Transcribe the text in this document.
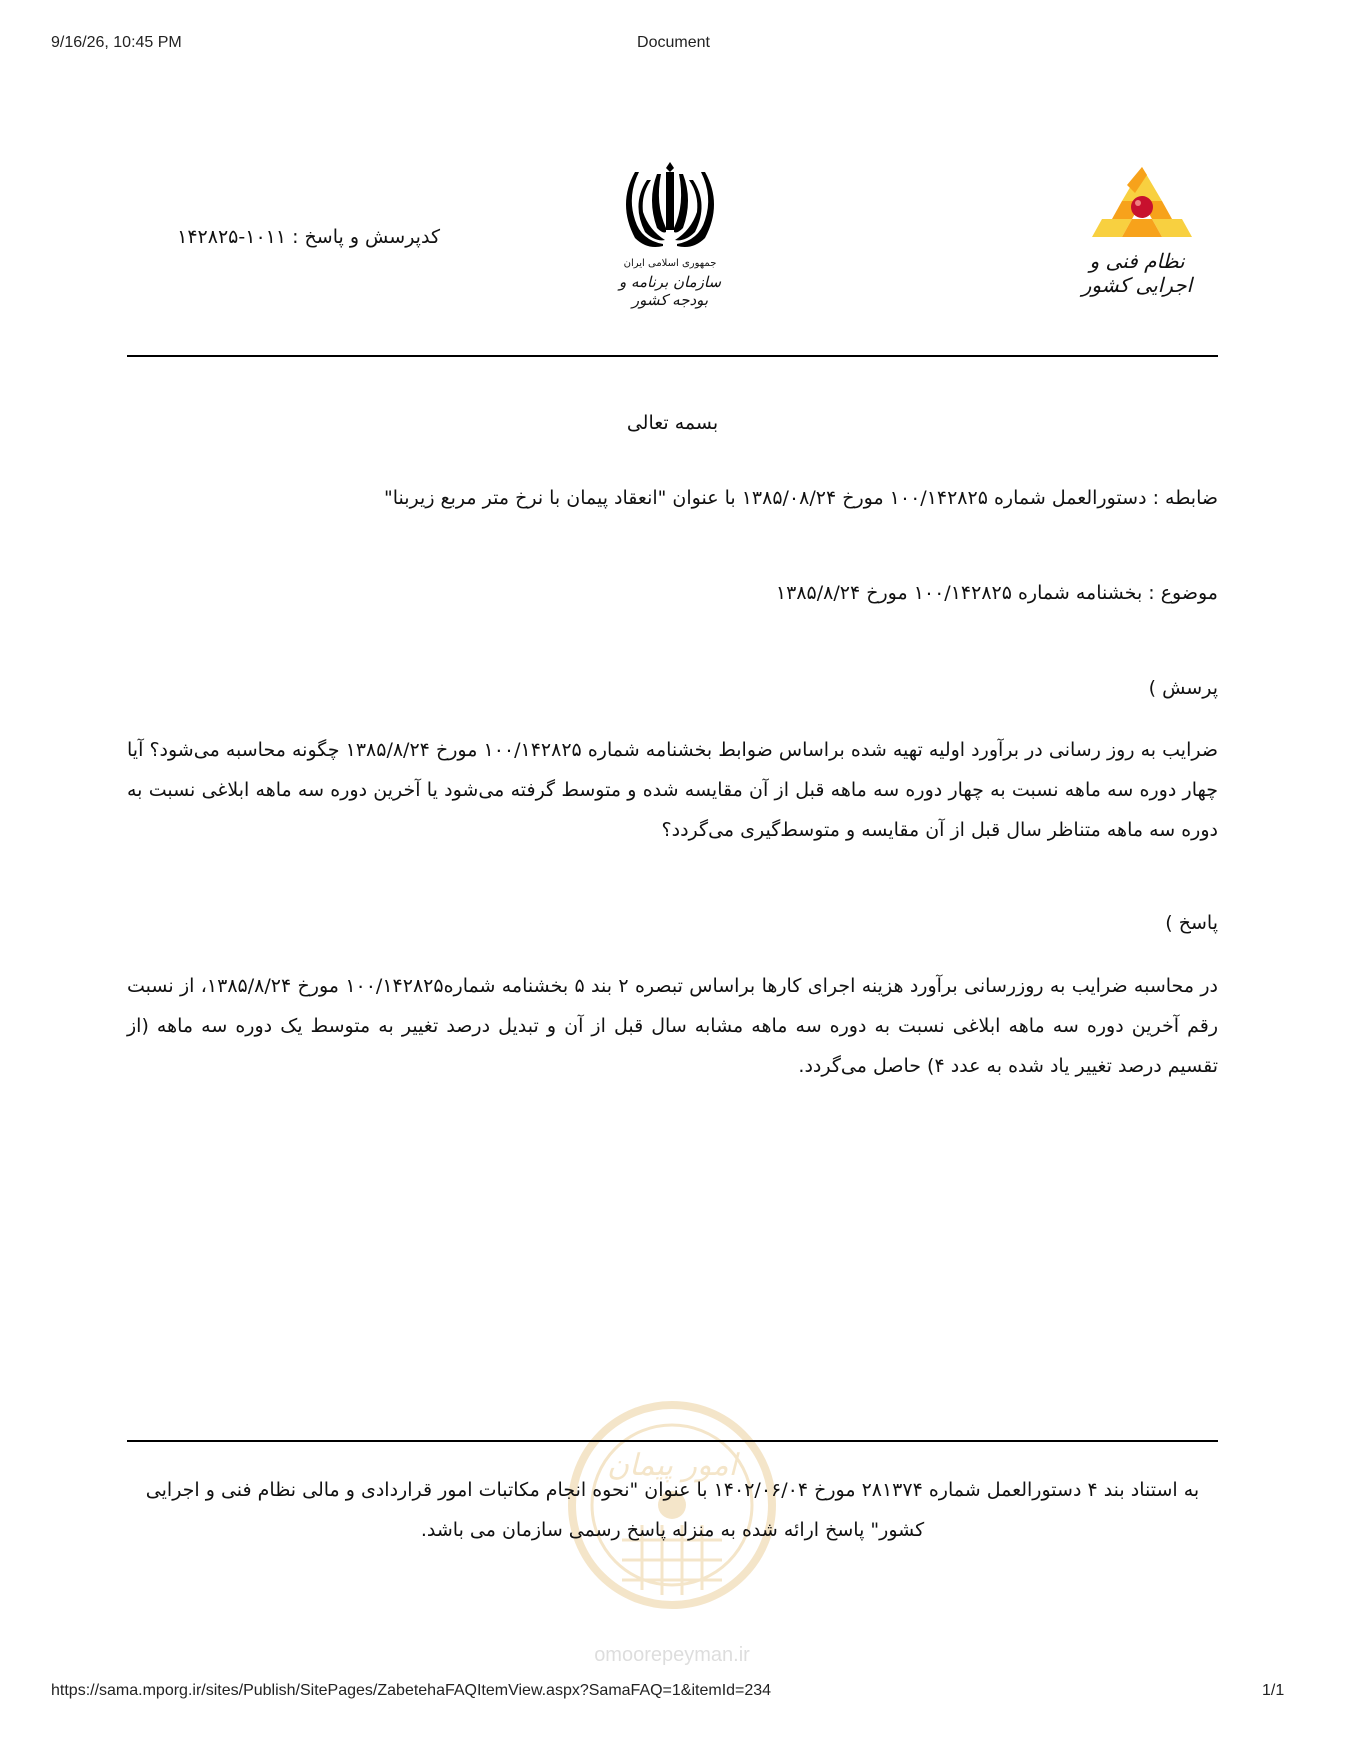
9/16/26, 10:45 PM	Document
کدپرسش و پاسخ : ۱۰۱۱-۱۴۲۸۲۵
جمهوری اسلامی ایران
سازمان برنامه و بودجه کشور
نظام فنی و اجرایی کشور
بسمه تعالی
ضابطه : دستورالعمل شماره ۱۰۰/۱۴۲۸۲۵ مورخ ۱۳۸۵/۰۸/۲۴ با عنوان "انعقاد پیمان با نرخ متر مربع زیربنا"
موضوع : بخشنامه شماره ۱۰۰/۱۴۲۸۲۵ مورخ ۱۳۸۵/۸/۲۴
پرسش )
ضرایب به روز رسانی در برآورد اولیه تهیه شده براساس ضوابط بخشنامه شماره ۱۰۰/۱۴۲۸۲۵ مورخ ۱۳۸۵/۸/۲۴ چگونه محاسبه می‌شود؟ آیا چهار دوره سه ماهه نسبت به چهار دوره سه ماهه قبل از آن مقایسه شده و متوسط گرفته می‌شود یا آخرین دوره سه ماهه ابلاغی نسبت به دوره سه ماهه متناظر سال قبل از آن مقایسه و متوسط‌گیری می‌گردد؟
پاسخ )
در محاسبه ضرایب به روزرسانی برآورد هزینه اجرای کارها براساس تبصره ۲ بند ۵ بخشنامه شماره۱۰۰/۱۴۲۸۲۵ مورخ ۱۳۸۵/۸/۲۴، از نسبت رقم آخرین دوره سه ماهه ابلاغی نسبت به دوره سه ماهه مشابه سال قبل از آن و تبدیل درصد تغییر به متوسط یک دوره سه ماهه (از تقسیم درصد تغییر یاد شده به عدد ۴) حاصل می‌گردد.
امور پیمان
omoorepeyman.ir
به استناد بند ۴ دستورالعمل شماره ۲۸۱۳۷۴ مورخ ۱۴۰۲/۰۶/۰۴ با عنوان "نحوه انجام مکاتبات امور قراردادی و مالی نظام فنی و اجرایی کشور" پاسخ ارائه شده به منزله پاسخ رسمی سازمان می باشد.
https://sama.mporg.ir/sites/Publish/SitePages/ZabetehaFAQItemView.aspx?SamaFAQ=1&itemId=234	1/1
